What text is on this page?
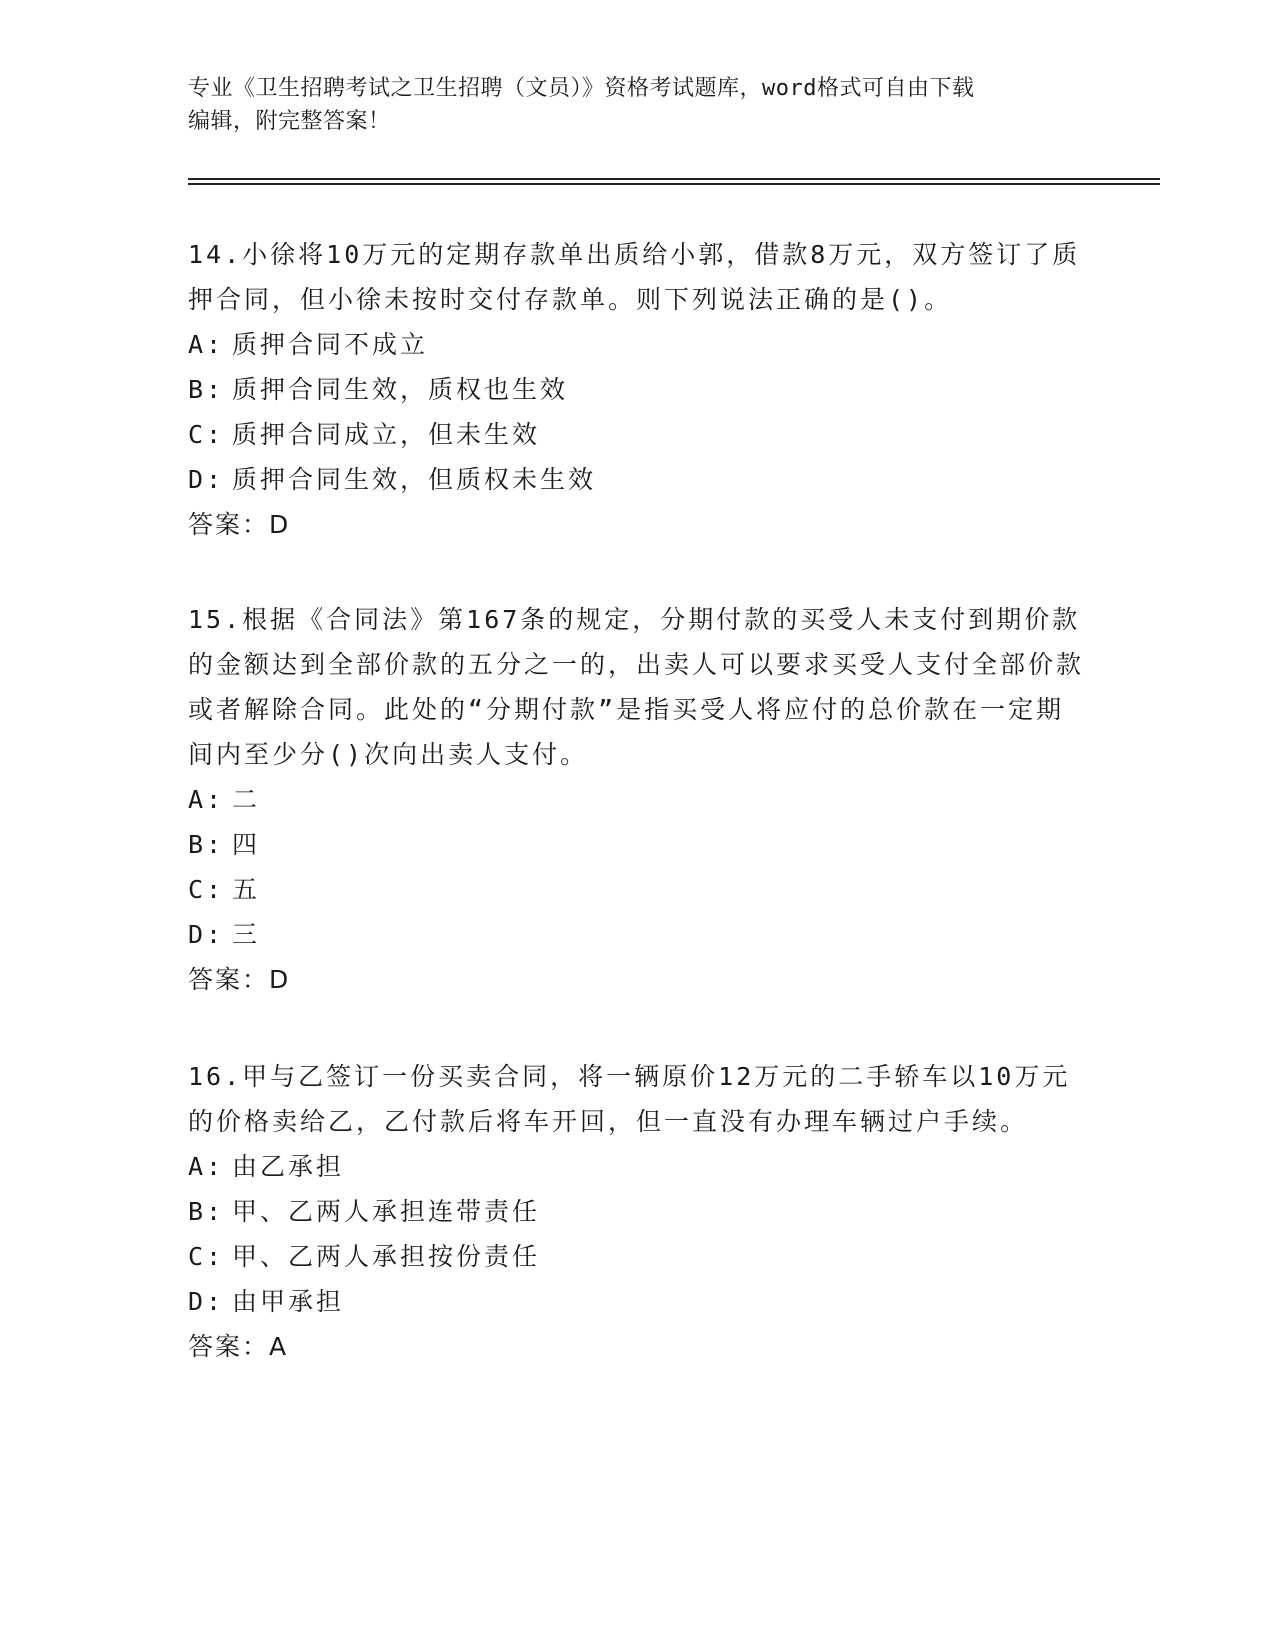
专业《卫生招聘考试之卫生招聘（文员）》资格考试题库，word格式可自由下载
编辑，附完整答案！

14.小徐将10万元的定期存款单出质给小郭，借款8万元，双方签订了质押合同，但小徐未按时交付存款单。则下列说法正确的是()。

A: 质押合同不成立

B: 质押合同生效，质权也生效

C: 质押合同成立，但未生效

D: 质押合同生效，但质权未生效

答案：D

15.根据《合同法》第167条的规定，分期付款的买受人未支付到期价款的金额达到全部价款的五分之一的，出卖人可以要求买受人支付全部价款或者解除合同。此处的“分期付款”是指买受人将应付的总价款在一定期间内至少分()次向出卖人支付。

A: 二

B: 四

C: 五

D: 三

答案：D

16.甲与乙签订一份买卖合同，将一辆原价12万元的二手轿车以10万元的价格卖给乙，乙付款后将车开回，但一直没有办理车辆过户手续。

A: 由乙承担

B: 甲、乙两人承担连带责任

C: 甲、乙两人承担按份责任

D: 由甲承担

答案：A
